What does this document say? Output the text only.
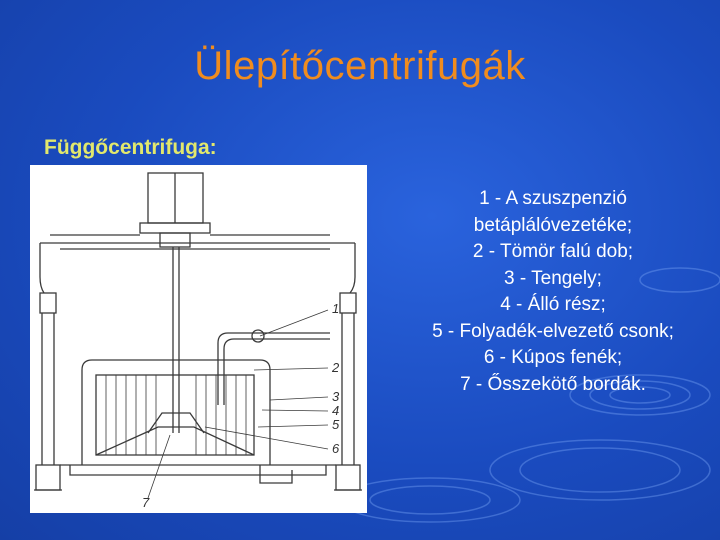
Ülepítőcentrifugák
Függőcentrifuga:
1
2
3
4
5
6
7
1 - A szuszpenzió betáplálóvezetéke;
2 - Tömör falú dob;
3 - Tengely;
4 - Álló rész;
5 - Folyadék-elvezető csonk;
6 - Kúpos fenék;
7 - Ősszekötő bordák.
